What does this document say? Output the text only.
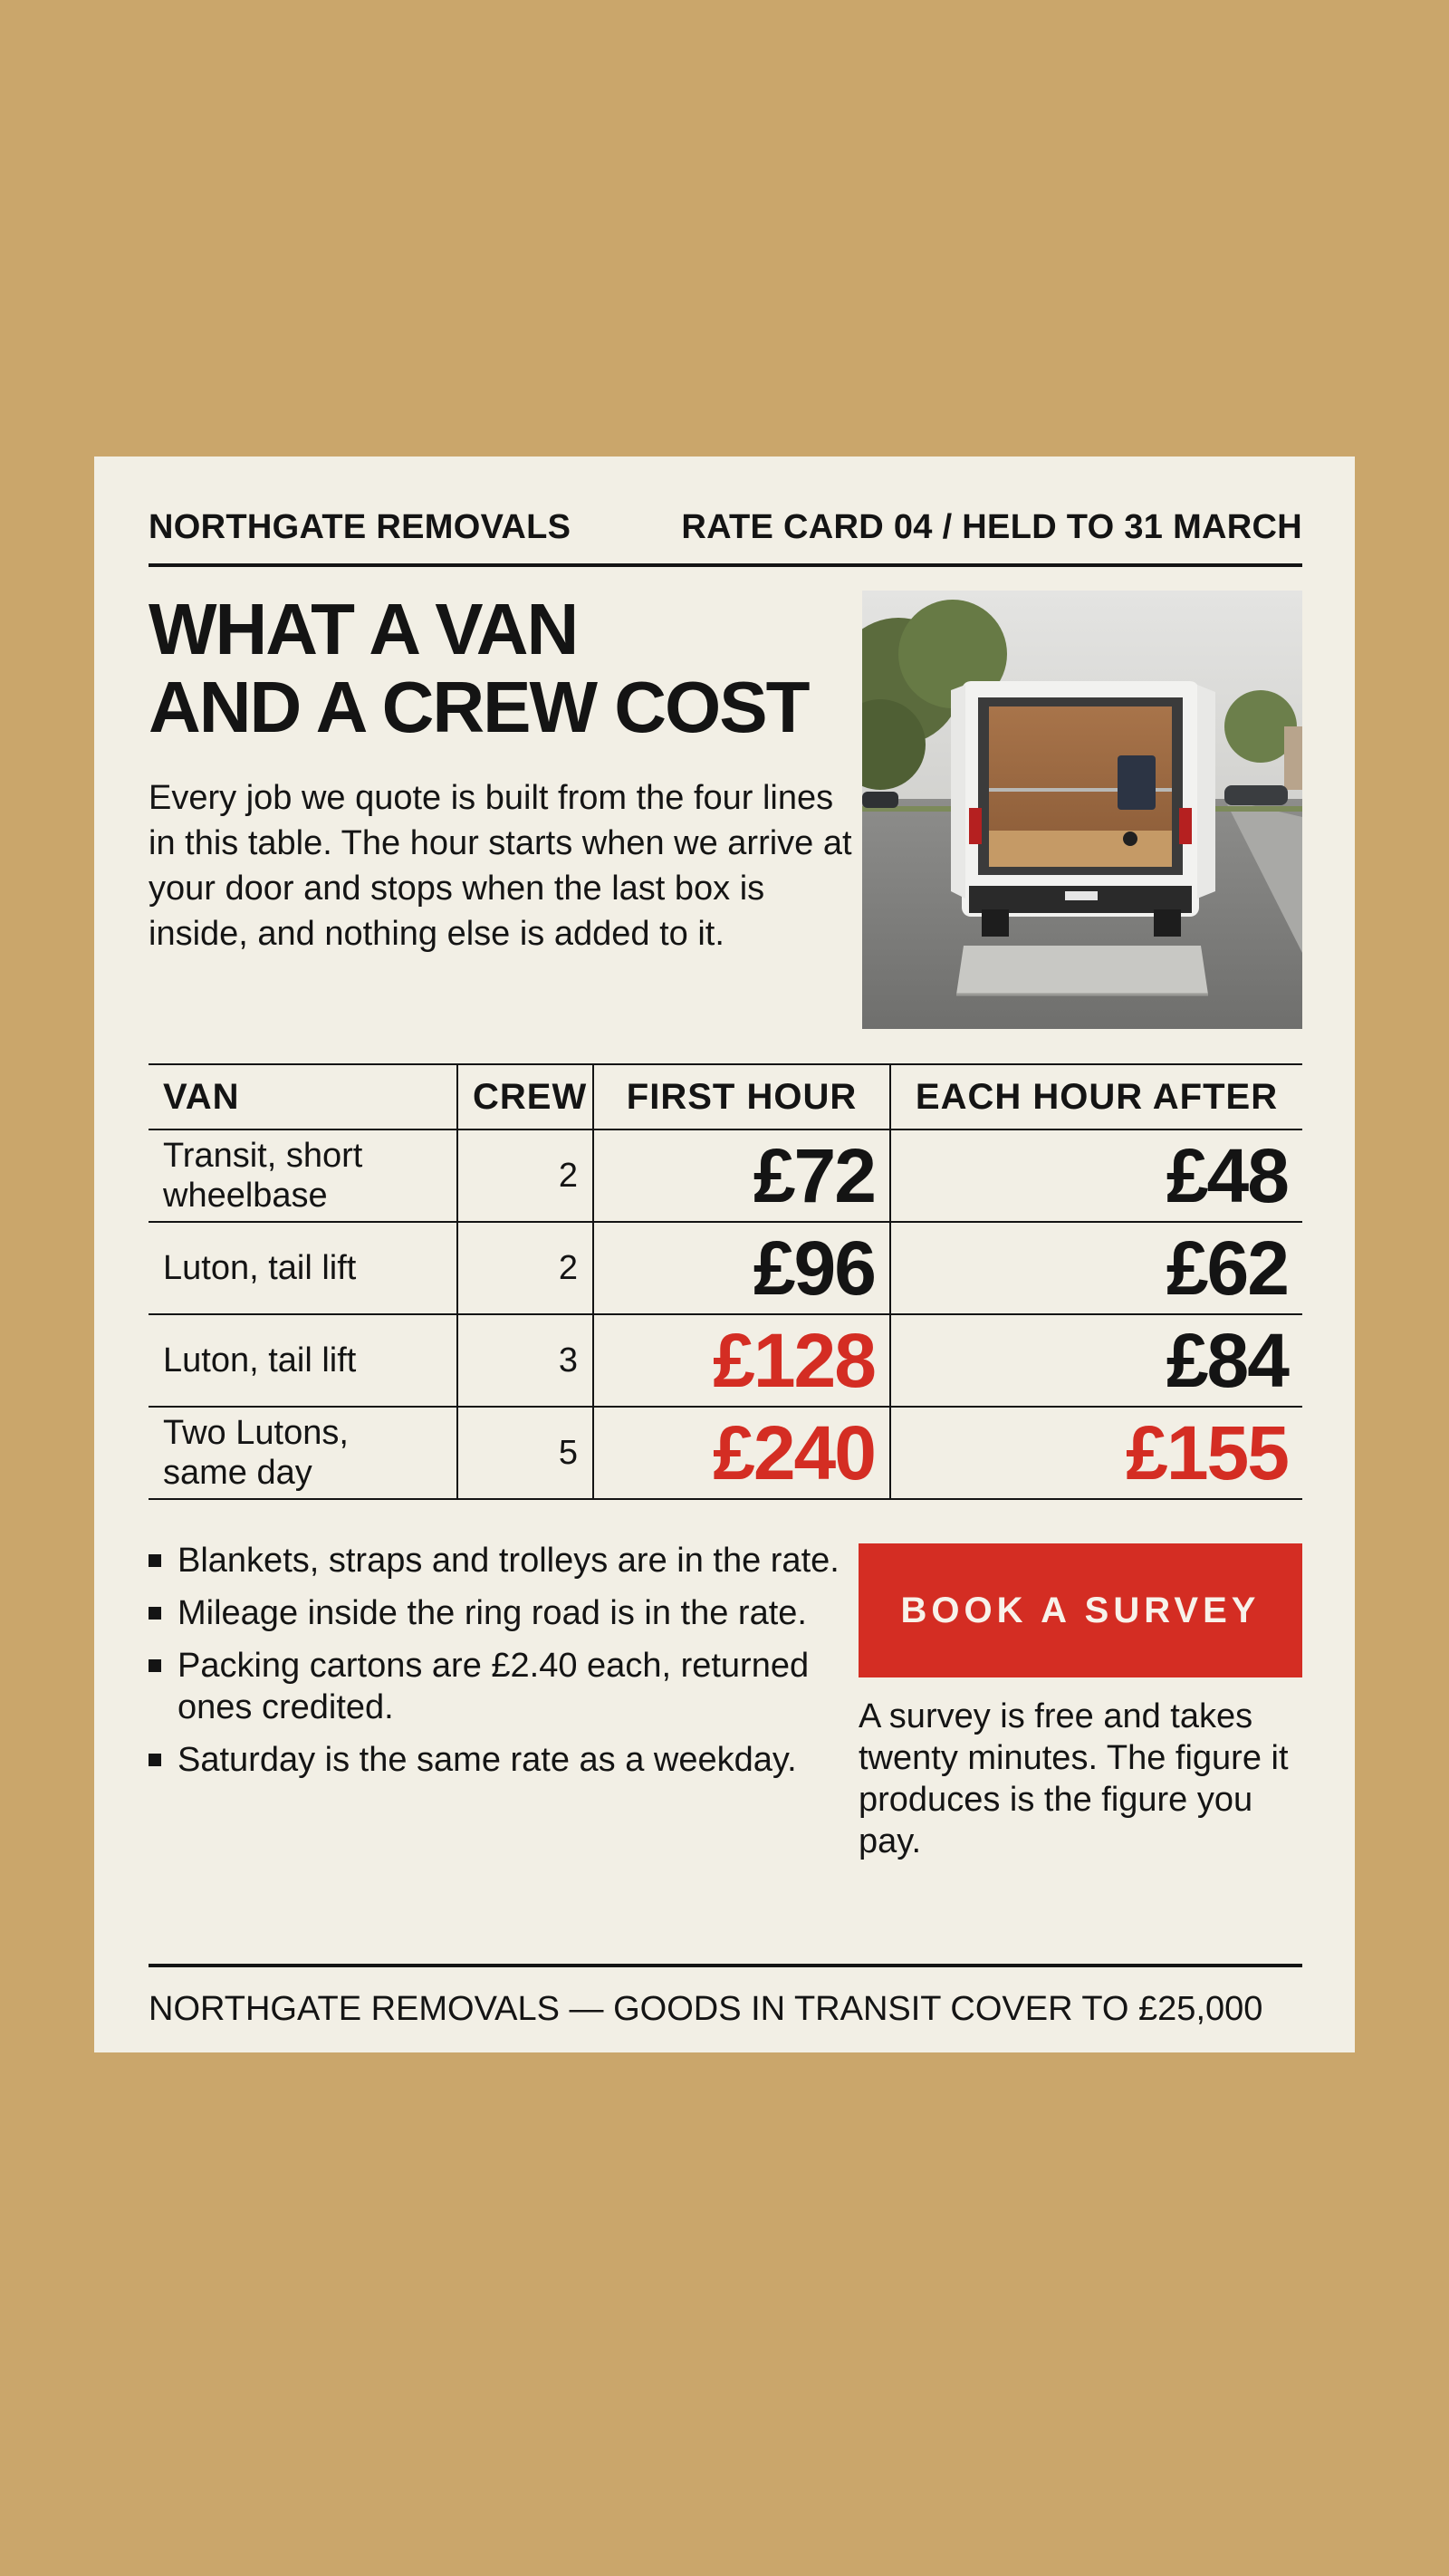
NORTHGATE REMOVALS	RATE CARD 04 / HELD TO 31 MARCH
WHAT A VAN
AND A CREW COST

Every job we quote is built from the four lines in this table. The hour starts when we arrive at your door and stops when the last box is inside, and nothing else is added to it.

VAN	CREW	FIRST HOUR	EACH HOUR AFTER
Transit, short wheelbase	2	£72	£48
Luton, tail lift	2	£96	£62
Luton, tail lift	3	£128	£84
Two Lutons, same day	5	£240	£155
Blankets, straps and trolleys are in the rate.
Mileage inside the ring road is in the rate.
Packing cartons are £2.40 each, returned ones credited.
Saturday is the same rate as a weekday.
BOOK A SURVEY

A survey is free and takes twenty minutes. The figure it produces is the figure you pay.

NORTHGATE REMOVALS — GOODS IN TRANSIT COVER TO £25,000
